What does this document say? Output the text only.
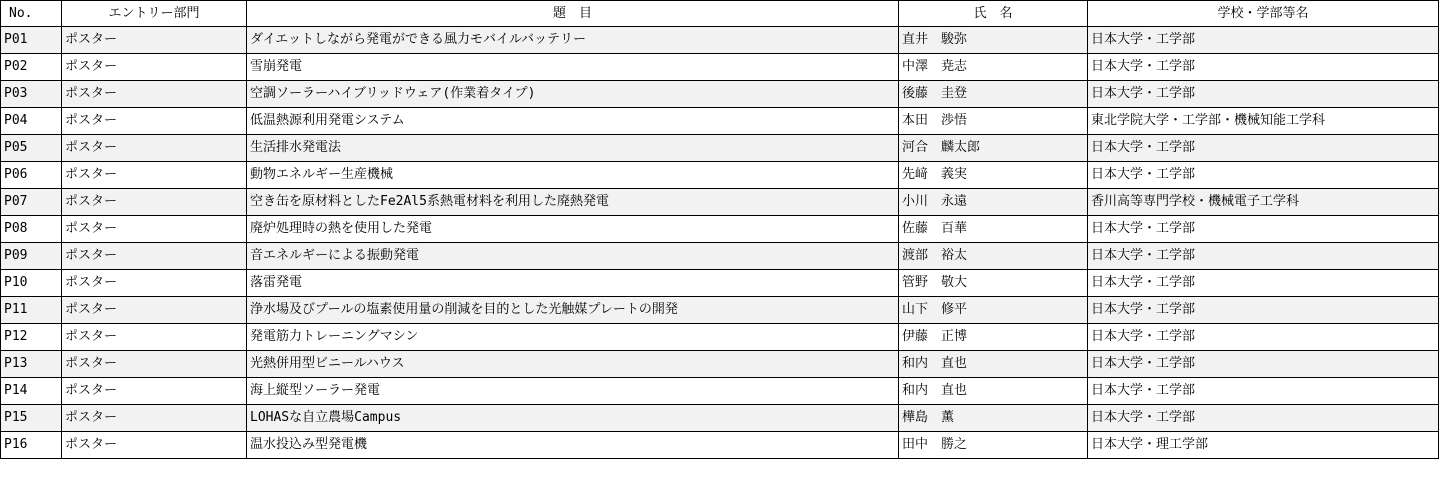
No.	エントリー部門	題　目	氏　名	学校・学部等名
P01	ポスター	ダイエットしながら発電ができる風力モバイルバッテリー	直井　駿弥	日本大学・工学部
P02	ポスター	雪崩発電	中澤　尭志	日本大学・工学部
P03	ポスター	空調ソーラーハイブリッドウェア(作業着タイプ)	後藤　圭登	日本大学・工学部
P04	ポスター	低温熱源利用発電システム	本田　渉悟	東北学院大学・工学部・機械知能工学科
P05	ポスター	生活排水発電法	河合　麟太郎	日本大学・工学部
P06	ポスター	動物エネルギー生産機械	先﨑　義実	日本大学・工学部
P07	ポスター	空き缶を原材料としたFe2Al5系熱電材料を利用した廃熱発電	小川　永遠	香川高等専門学校・機械電子工学科
P08	ポスター	廃炉処理時の熱を使用した発電	佐藤　百華	日本大学・工学部
P09	ポスター	音エネルギーによる振動発電	渡部　裕太	日本大学・工学部
P10	ポスター	落雷発電	管野　敬大	日本大学・工学部
P11	ポスター	浄水場及びプールの塩素使用量の削減を目的とした光触媒プレートの開発	山下　修平	日本大学・工学部
P12	ポスター	発電筋力トレーニングマシン	伊藤　正博	日本大学・工学部
P13	ポスター	光熱併用型ビニールハウス	和内　直也	日本大学・工学部
P14	ポスター	海上縦型ソーラー発電	和内　直也	日本大学・工学部
P15	ポスター	LOHASな自立農場Campus	樺島　薫	日本大学・工学部
P16	ポスター	温水投込み型発電機	田中　勝之	日本大学・理工学部
